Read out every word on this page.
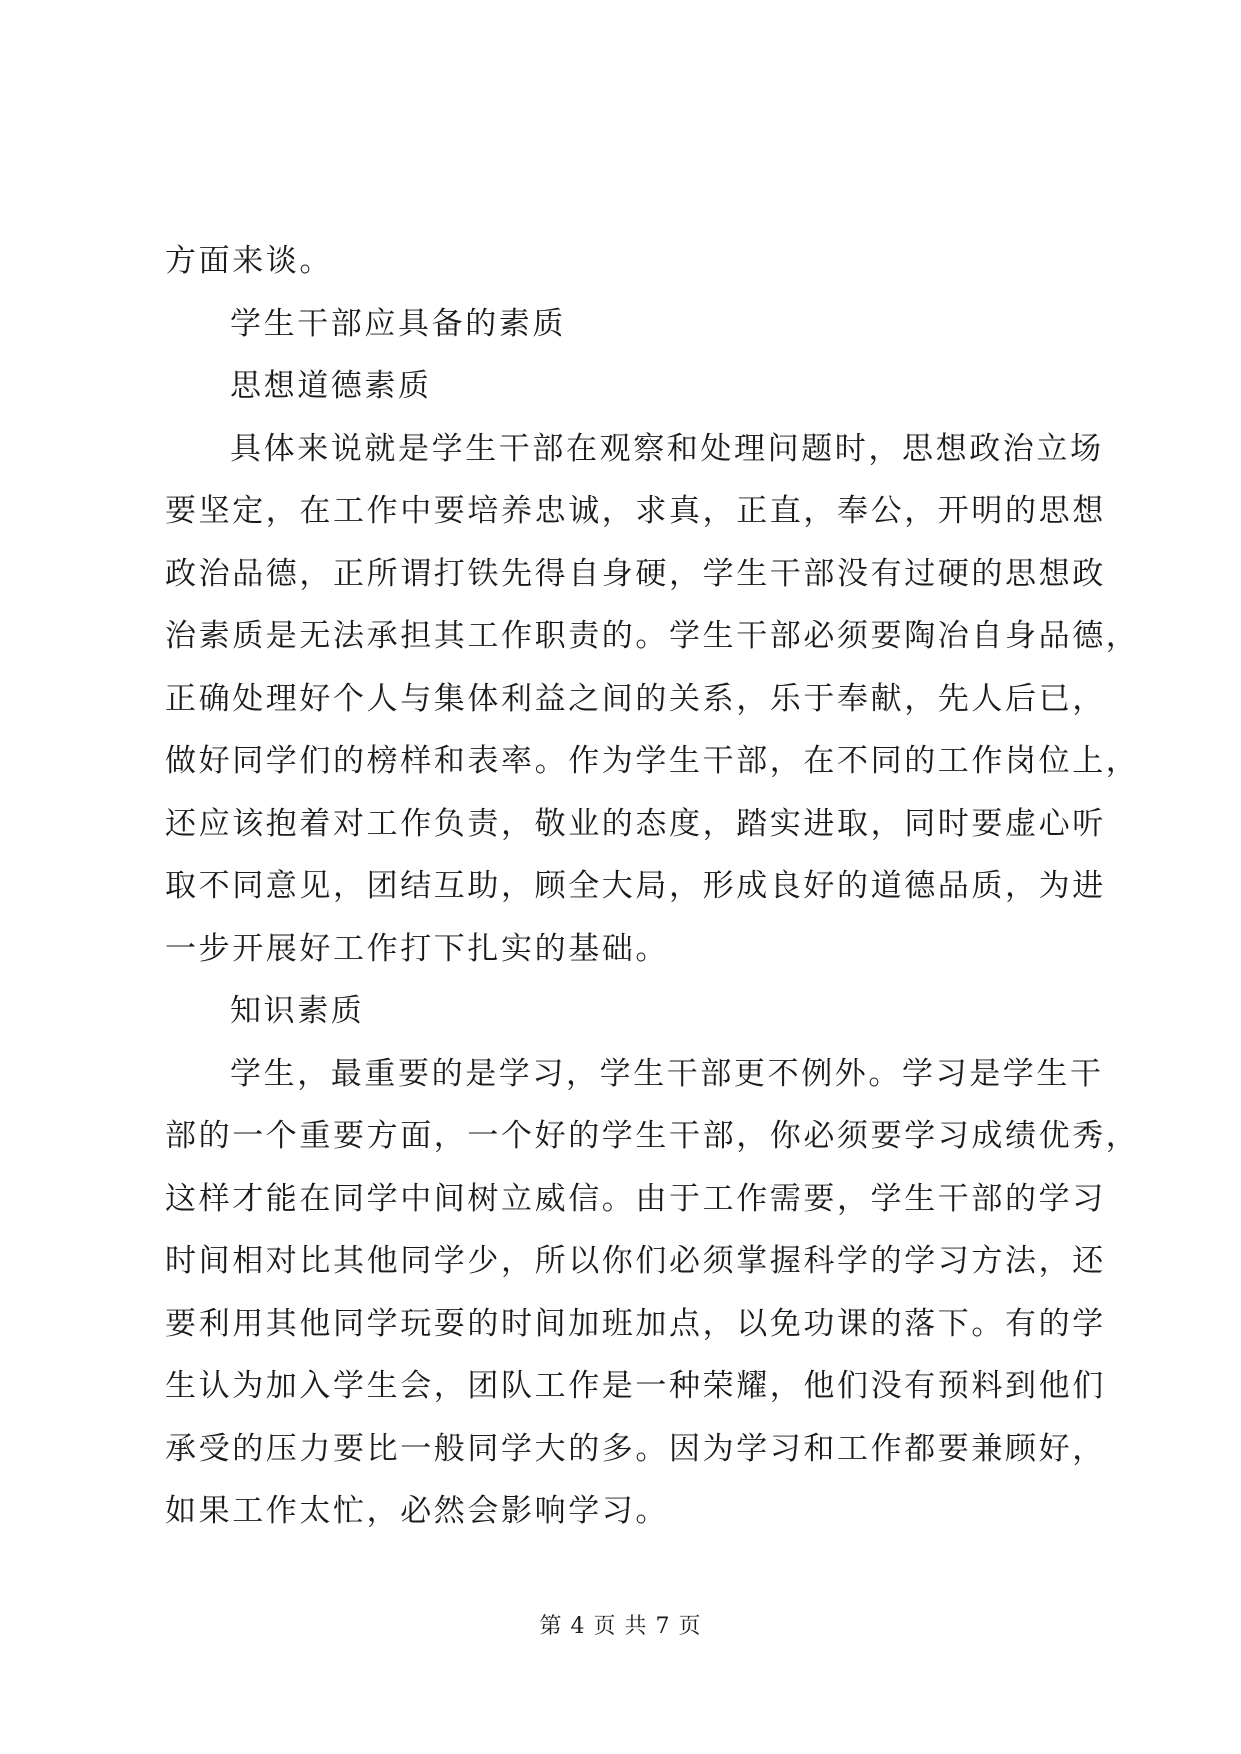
方面来谈。
学生干部应具备的素质
思想道德素质
具体来说就是学生干部在观察和处理问题时，思想政治立场
要坚定，在工作中要培养忠诚，求真，正直，奉公，开明的思想
政治品德，正所谓打铁先得自身硬，学生干部没有过硬的思想政
治素质是无法承担其工作职责的。学生干部必须要陶冶自身品德，
正确处理好个人与集体利益之间的关系，乐于奉献，先人后已，
做好同学们的榜样和表率。作为学生干部，在不同的工作岗位上，
还应该抱着对工作负责，敬业的态度，踏实进取，同时要虚心听
取不同意见，团结互助，顾全大局，形成良好的道德品质，为进
一步开展好工作打下扎实的基础。
知识素质
学生，最重要的是学习，学生干部更不例外。学习是学生干
部的一个重要方面，一个好的学生干部，你必须要学习成绩优秀，
这样才能在同学中间树立威信。由于工作需要，学生干部的学习
时间相对比其他同学少，所以你们必须掌握科学的学习方法，还
要利用其他同学玩耍的时间加班加点，以免功课的落下。有的学
生认为加入学生会，团队工作是一种荣耀，他们没有预料到他们
承受的压力要比一般同学大的多。因为学习和工作都要兼顾好，
如果工作太忙，必然会影响学习。
第 4 页 共 7 页
